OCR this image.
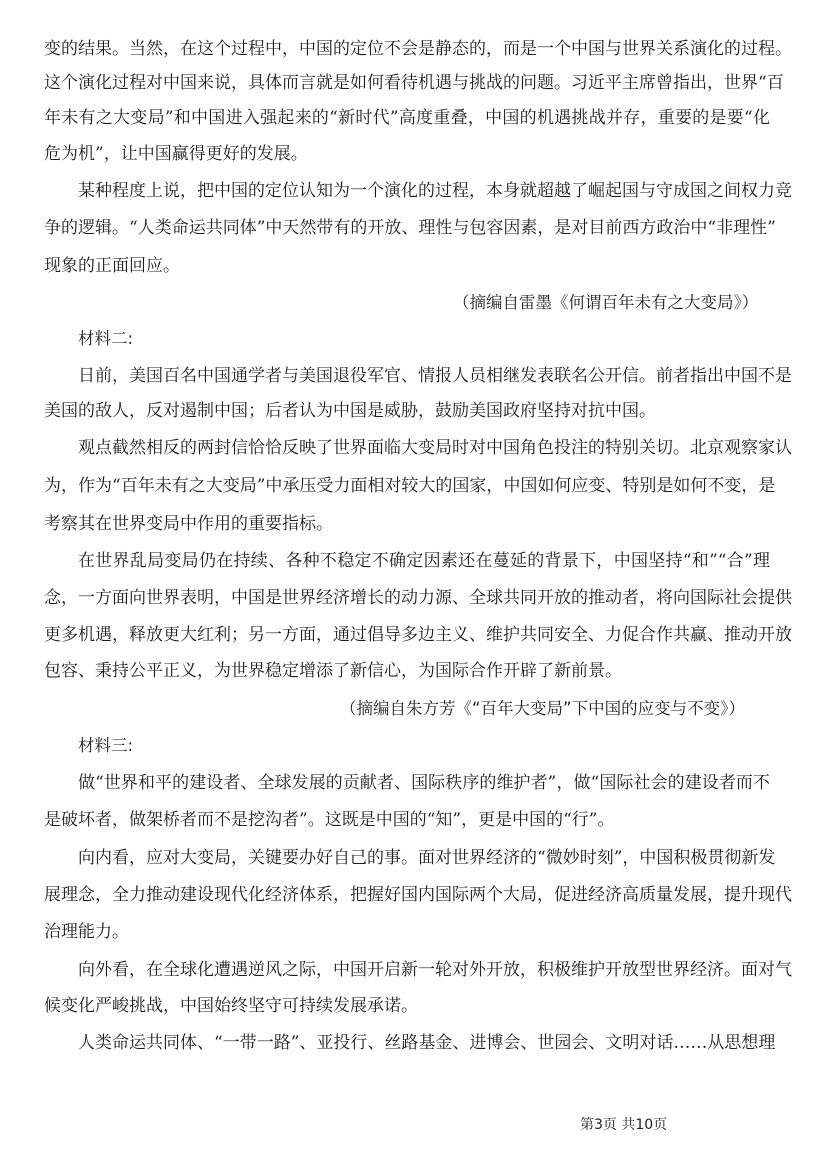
变的结果。当然，在这个过程中，中国的定位不会是静态的，而是一个中国与世界关系演化的过程。
这个演化过程对中国来说，具体而言就是如何看待机遇与挑战的问题。习近平主席曾指出，世界“百
年未有之大变局”和中国进入强起来的“新时代”高度重叠，中国的机遇挑战并存，重要的是要“化
危为机”，让中国赢得更好的发展。
某种程度上说，把中国的定位认知为一个演化的过程，本身就超越了崛起国与守成国之间权力竞
争的逻辑。“人类命运共同体”中天然带有的开放、理性与包容因素，是对目前西方政治中“非理性”
现象的正面回应。
（摘编自雷墨《何谓百年未有之大变局》）
材料二:
日前，美国百名中国通学者与美国退役军官、情报人员相继发表联名公开信。前者指出中国不是
美国的敌人，反对遏制中国；后者认为中国是威胁，鼓励美国政府坚持对抗中国。
观点截然相反的两封信恰恰反映了世界面临大变局时对中国角色投注的特别关切。北京观察家认
为，作为“百年未有之大变局”中承压受力面相对较大的国家，中国如何应变、特别是如何不变，是
考察其在世界变局中作用的重要指标。
在世界乱局变局仍在持续、各种不稳定不确定因素还在蔓延的背景下，中国坚持“和”“合”理
念，一方面向世界表明，中国是世界经济增长的动力源、全球共同开放的推动者，将向国际社会提供
更多机遇，释放更大红利；另一方面，通过倡导多边主义、维护共同安全、力促合作共赢、推动开放
包容、秉持公平正义，为世界稳定增添了新信心，为国际合作开辟了新前景。
（摘编自朱方芳《“百年大变局”下中国的应变与不变》）
材料三:
做“世界和平的建设者、全球发展的贡献者、国际秩序的维护者”，做“国际社会的建设者而不
是破坏者，做架桥者而不是挖沟者”。这既是中国的“知”，更是中国的“行”。
向内看，应对大变局，关键要办好自己的事。面对世界经济的“微妙时刻”，中国积极贯彻新发
展理念，全力推动建设现代化经济体系，把握好国内国际两个大局，促进经济高质量发展，提升现代
治理能力。
向外看，在全球化遭遇逆风之际，中国开启新一轮对外开放，积极维护开放型世界经济。面对气
候变化严峻挑战，中国始终坚守可持续发展承诺。
人类命运共同体、“一带一路”、亚投行、丝路基金、进博会、世园会、文明对话……从思想理
第3页 共10页
